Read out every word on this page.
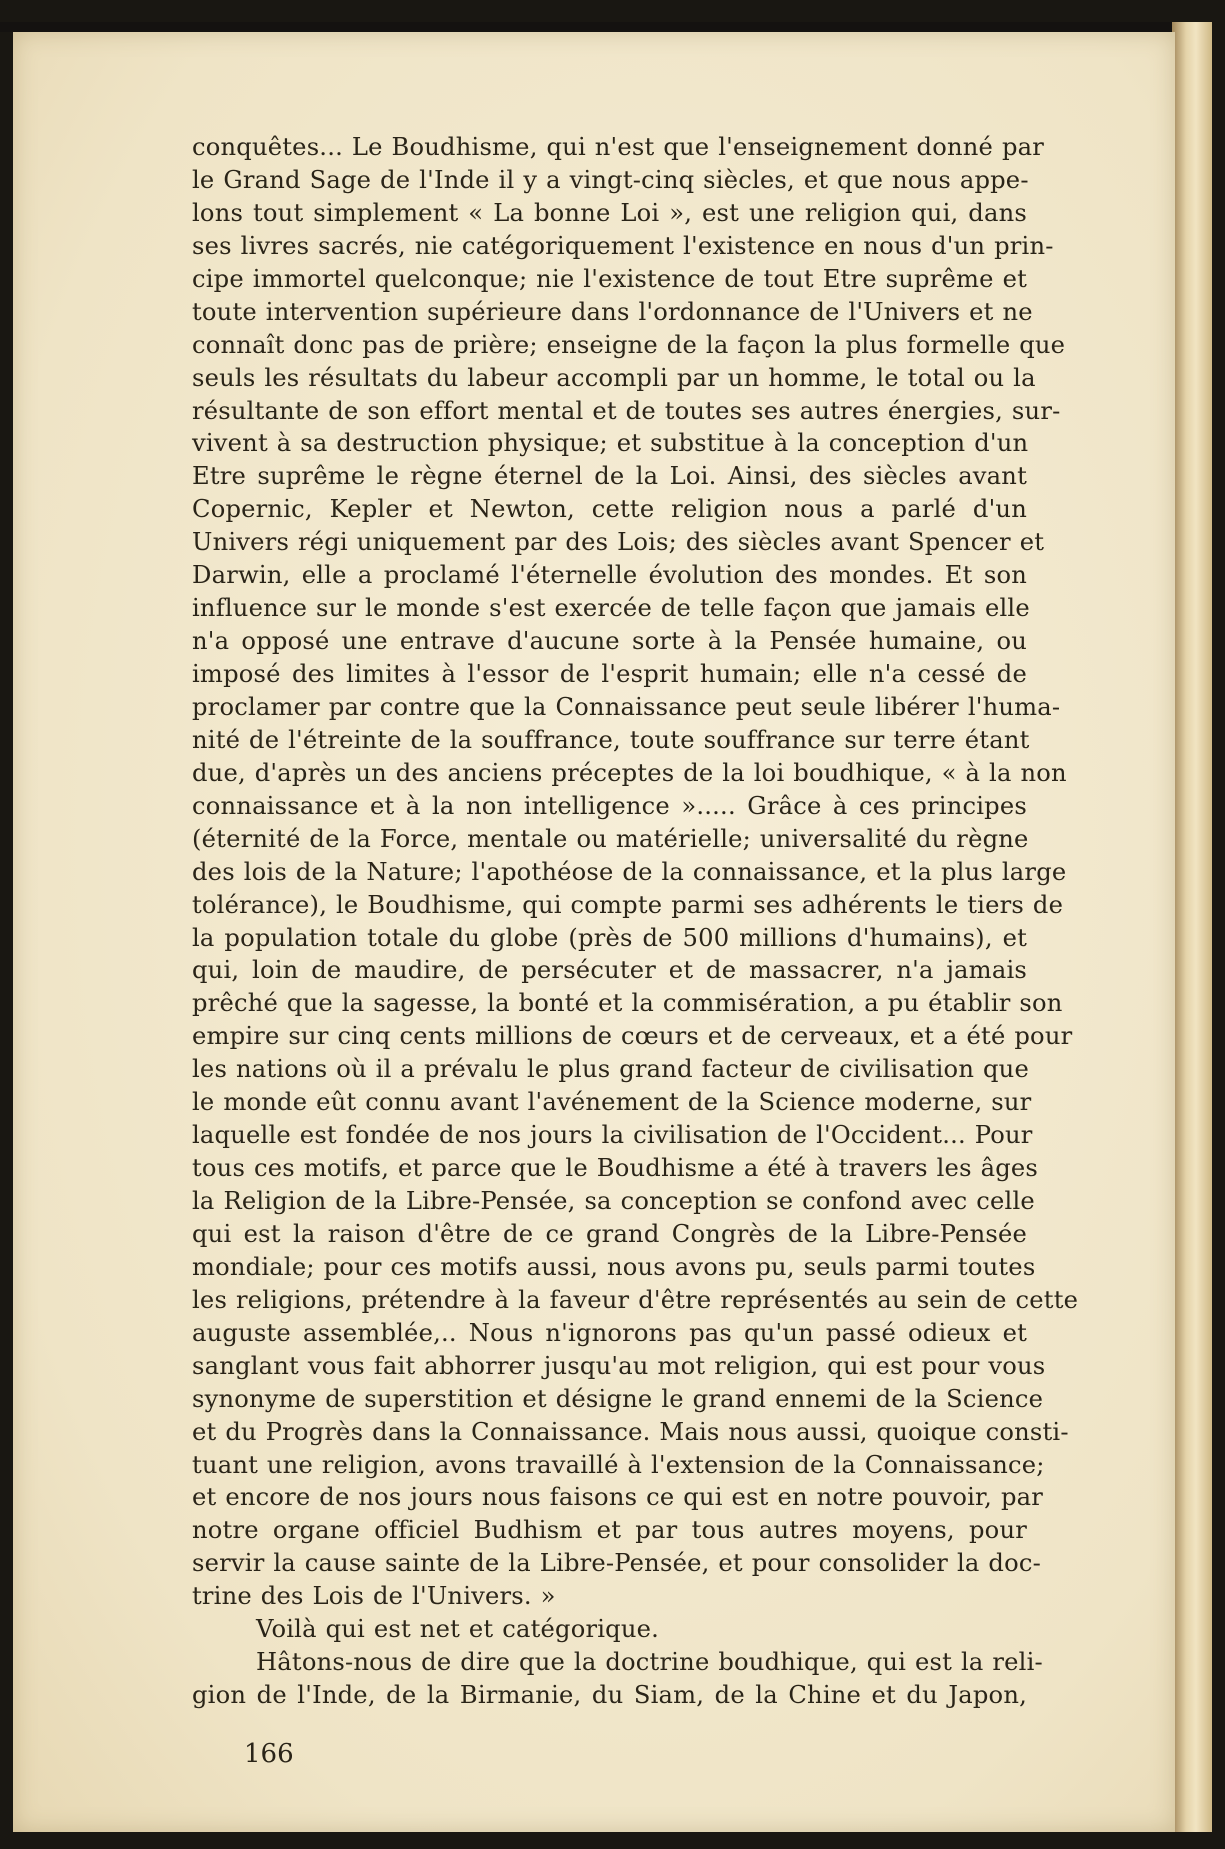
conquêtes... Le Boudhisme, qui n'est que l'enseignement donné par
le Grand Sage de l'Inde il y a vingt-cinq siècles, et que nous appe-
lons tout simplement « La bonne Loi », est une religion qui, dans
ses livres sacrés, nie catégoriquement l'existence en nous d'un prin-
cipe immortel quelconque; nie l'existence de tout Etre suprême et
toute intervention supérieure dans l'ordonnance de l'Univers et ne
connaît donc pas de prière; enseigne de la façon la plus formelle que
seuls les résultats du labeur accompli par un homme, le total ou la
résultante de son effort mental et de toutes ses autres énergies, sur-
vivent à sa destruction physique; et substitue à la conception d'un
Etre suprême le règne éternel de la Loi. Ainsi, des siècles avant
Copernic, Kepler et Newton, cette religion nous a parlé d'un
Univers régi uniquement par des Lois; des siècles avant Spencer et
Darwin, elle a proclamé l'éternelle évolution des mondes. Et son
influence sur le monde s'est exercée de telle façon que jamais elle
n'a opposé une entrave d'aucune sorte à la Pensée humaine, ou
imposé des limites à l'essor de l'esprit humain; elle n'a cessé de
proclamer par contre que la Connaissance peut seule libérer l'huma-
nité de l'étreinte de la souffrance, toute souffrance sur terre étant
due, d'après un des anciens préceptes de la loi boudhique, « à la non
connaissance et à la non intelligence »..... Grâce à ces principes
(éternité de la Force, mentale ou matérielle; universalité du règne
des lois de la Nature; l'apothéose de la connaissance, et la plus large
tolérance), le Boudhisme, qui compte parmi ses adhérents le tiers de
la population totale du globe (près de 500 millions d'humains), et
qui, loin de maudire, de persécuter et de massacrer, n'a jamais
prêché que la sagesse, la bonté et la commisération, a pu établir son
empire sur cinq cents millions de cœurs et de cerveaux, et a été pour
les nations où il a prévalu le plus grand facteur de civilisation que
le monde eût connu avant l'avénement de la Science moderne, sur
laquelle est fondée de nos jours la civilisation de l'Occident... Pour
tous ces motifs, et parce que le Boudhisme a été à travers les âges
la Religion de la Libre-Pensée, sa conception se confond avec celle
qui est la raison d'être de ce grand Congrès de la Libre-Pensée
mondiale; pour ces motifs aussi, nous avons pu, seuls parmi toutes
les religions, prétendre à la faveur d'être représentés au sein de cette
auguste assemblée,.. Nous n'ignorons pas qu'un passé odieux et
sanglant vous fait abhorrer jusqu'au mot religion, qui est pour vous
synonyme de superstition et désigne le grand ennemi de la Science
et du Progrès dans la Connaissance. Mais nous aussi, quoique consti-
tuant une religion, avons travaillé à l'extension de la Connaissance;
et encore de nos jours nous faisons ce qui est en notre pouvoir, par
notre organe officiel Budhism et par tous autres moyens, pour
servir la cause sainte de la Libre-Pensée, et pour consolider la doc-
trine des Lois de l'Univers. »
Voilà qui est net et catégorique.
Hâtons-nous de dire que la doctrine boudhique, qui est la reli-
gion de l'Inde, de la Birmanie, du Siam, de la Chine et du Japon,
166
